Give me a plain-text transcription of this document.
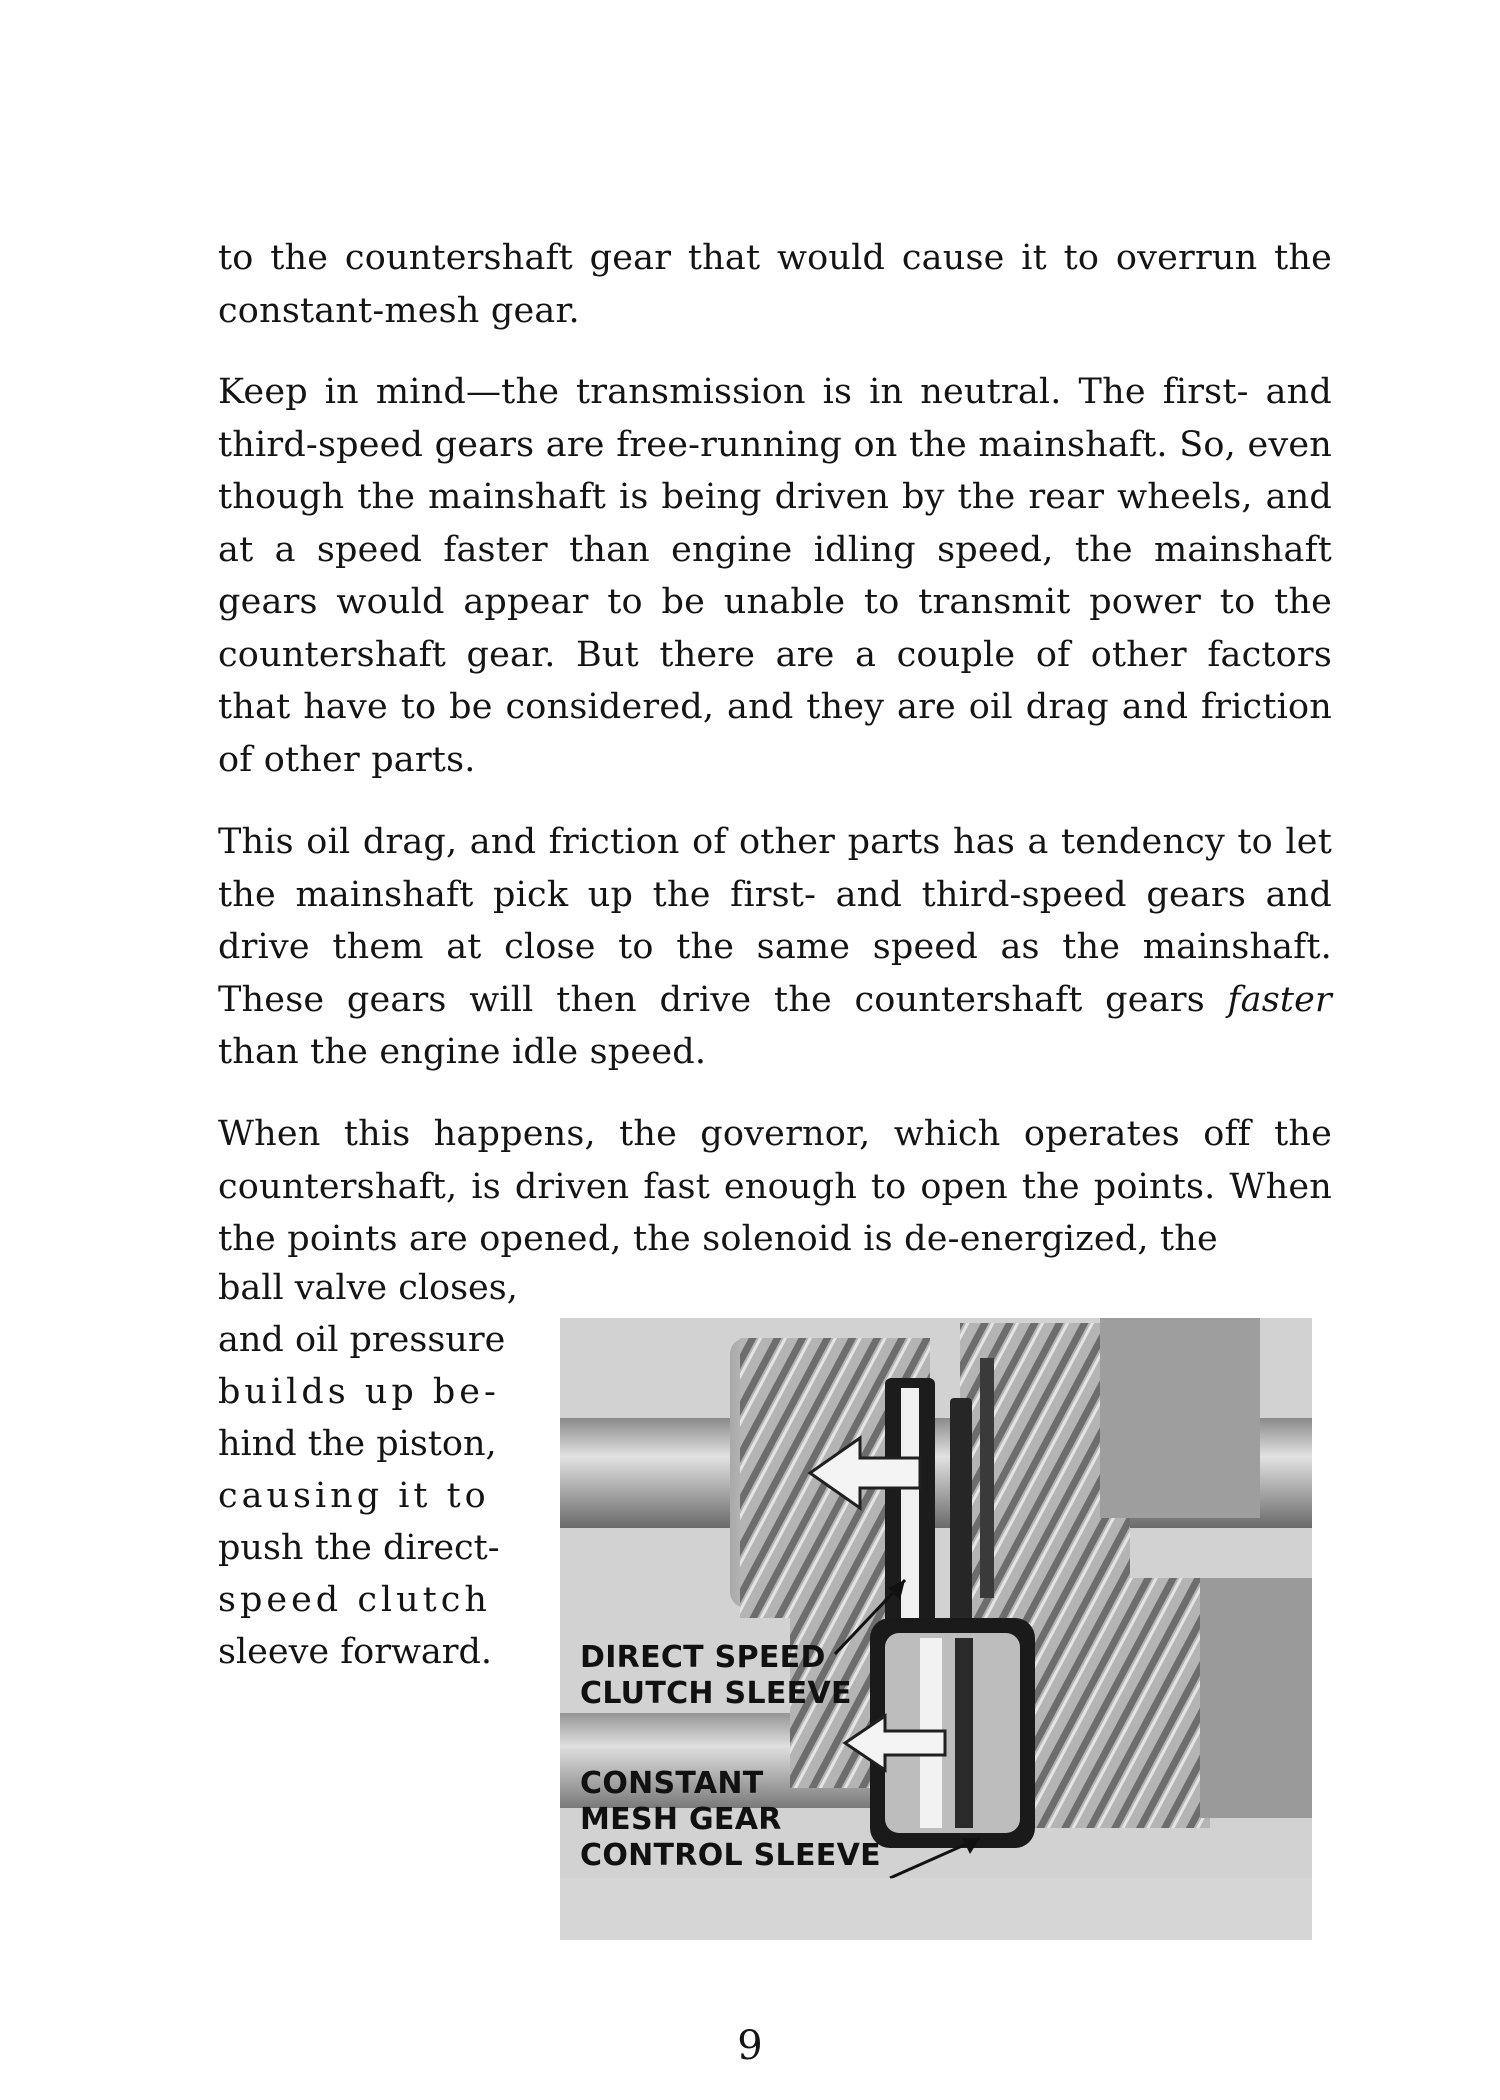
to the countershaft gear that would cause it to overrun the constant-mesh gear.

Keep in mind—the transmission is in neutral. The first- and third-speed gears are free-running on the mainshaft. So, even though the mainshaft is being driven by the rear wheels, and at a speed faster than engine idling speed, the mainshaft gears would appear to be unable to transmit power to the countershaft gear. But there are a couple of other factors that have to be considered, and they are oil drag and friction of other parts.

This oil drag, and friction of other parts has a tendency to let the mainshaft pick up the first- and third-speed gears and drive them at close to the same speed as the mainshaft. These gears will then drive the countershaft gears faster than the engine idle speed.

When this happens, the governor, which operates off the countershaft, is driven fast enough to open the points. When the points are opened, the solenoid is de-energized, the

ball valve closes,
and oil pressure
builds up be-
hind the piston,
causing it to
push the direct-
speed clutch
sleeve forward.	DIRECT SPEED
CLUTCH SLEEVE
CONSTANT
MESH GEAR
CONTROL SLEEVE
9
